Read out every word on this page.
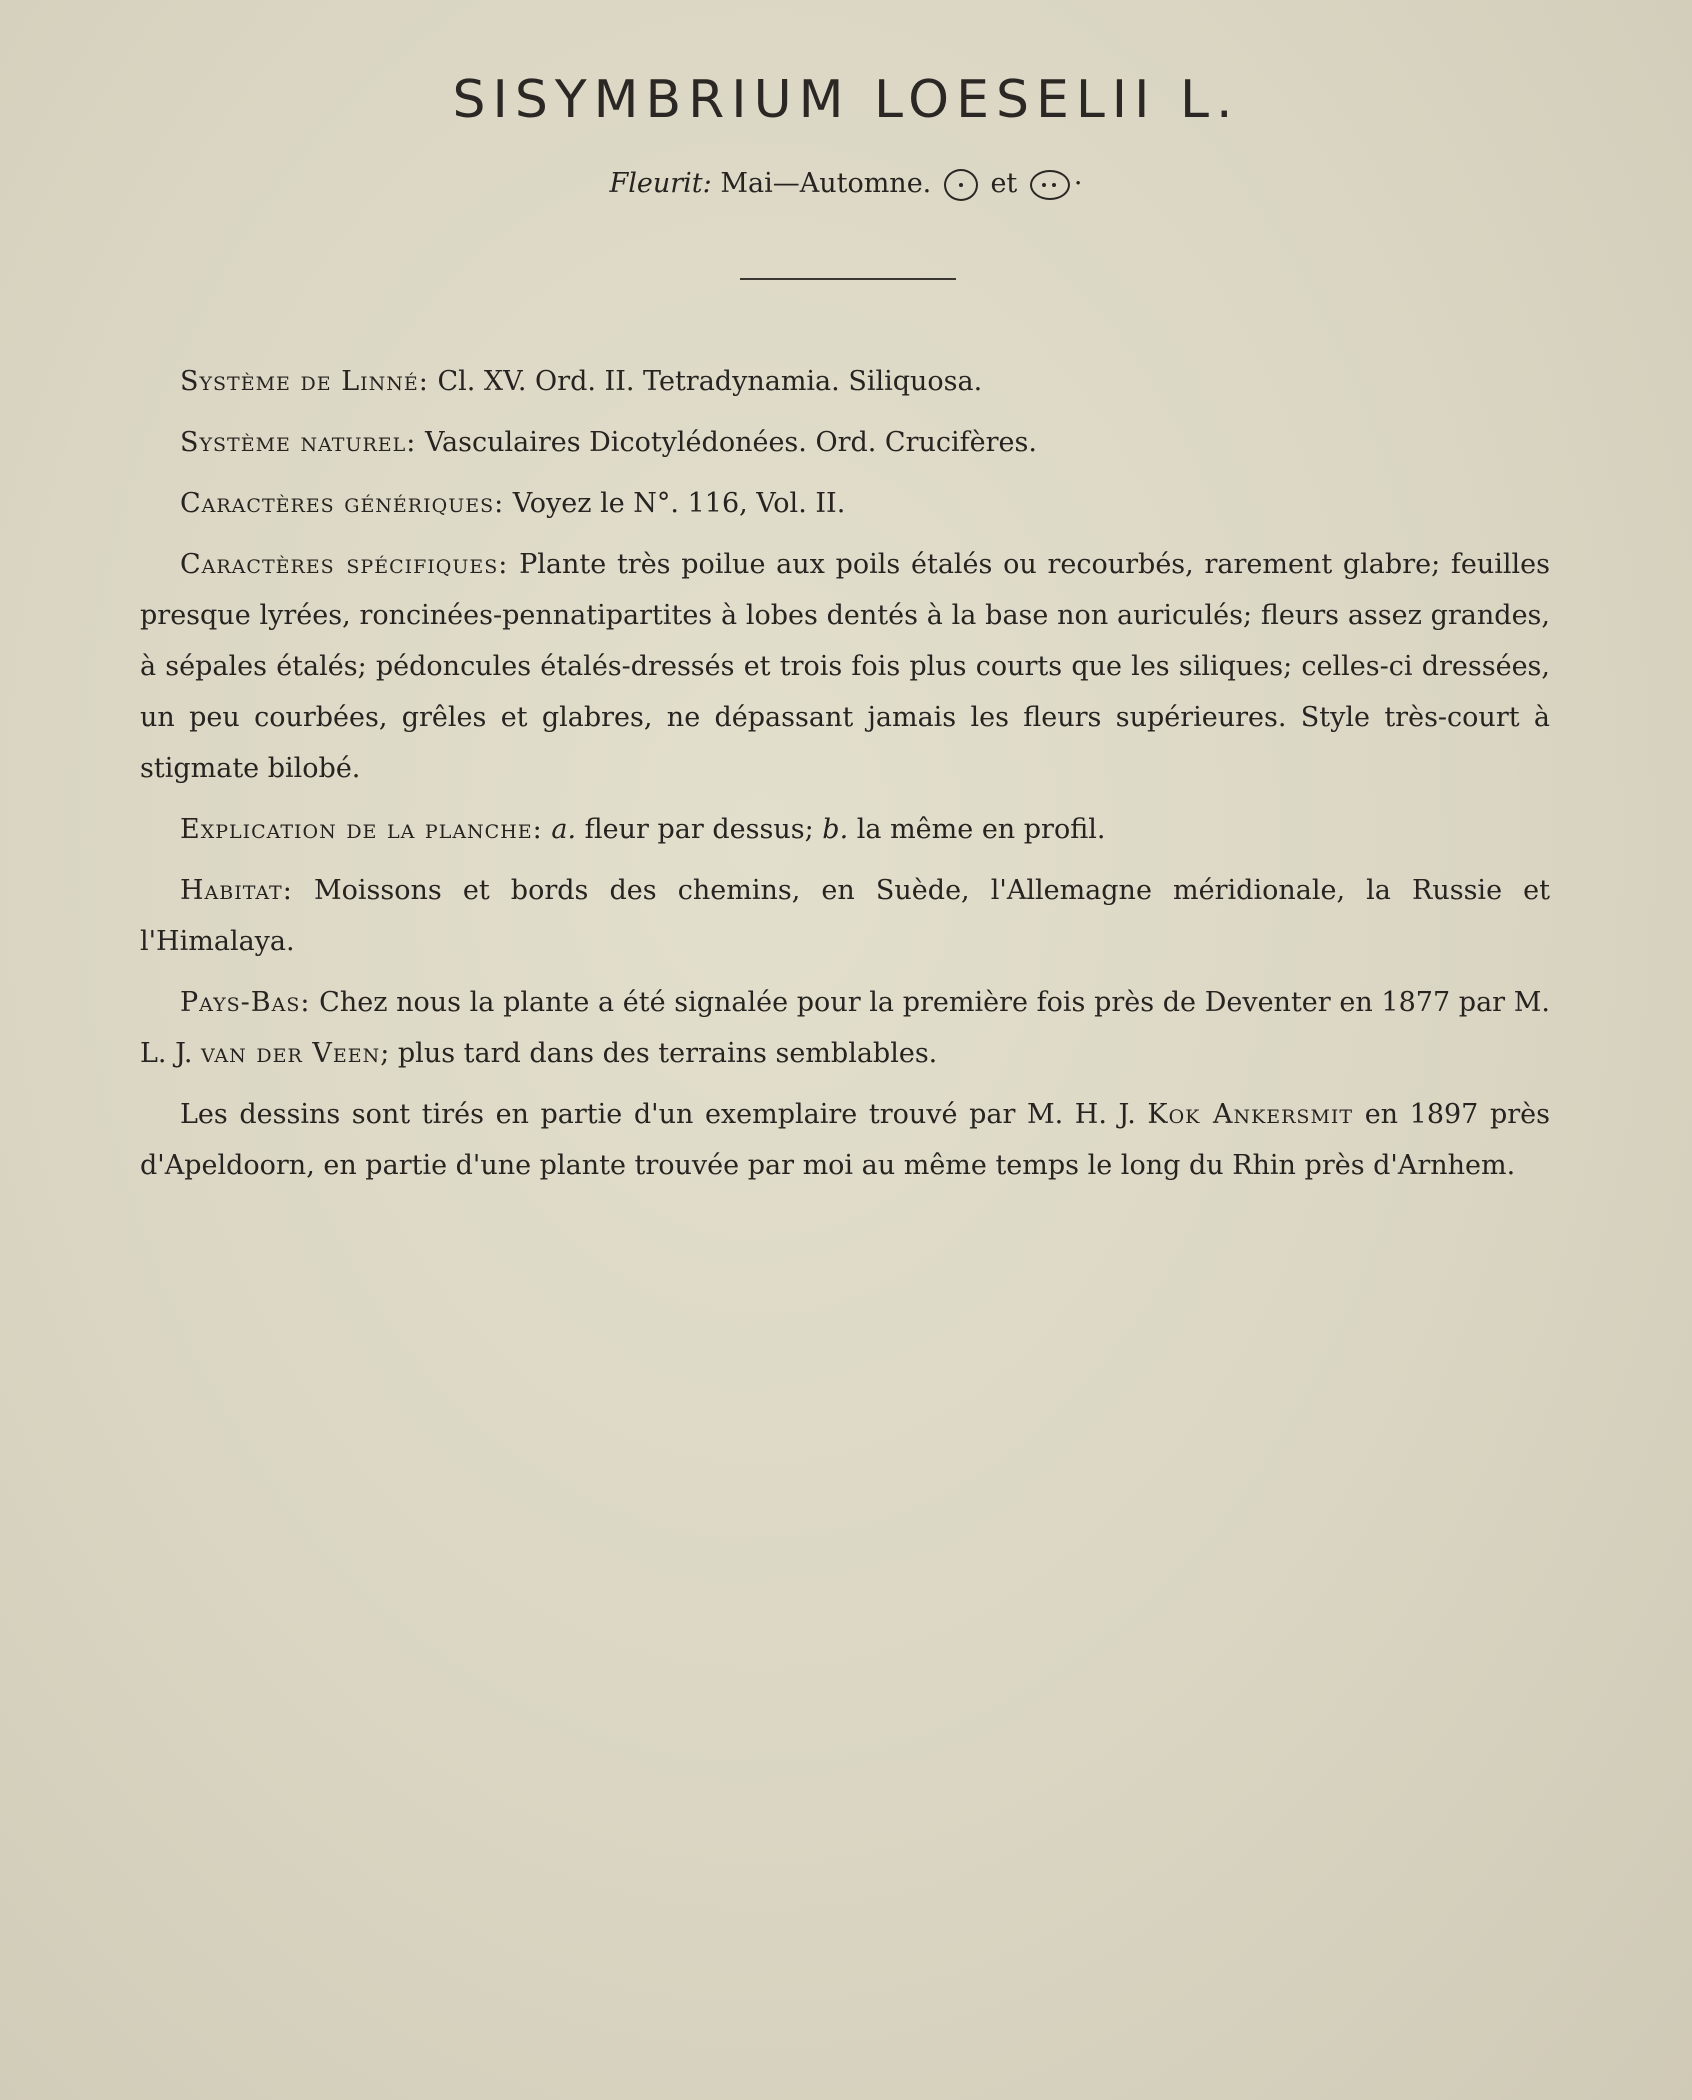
SISYMBRIUM LOESELII L.
Fleurit: Mai—Automne. et ·

Système de Linné: Cl. XV. Ord. II. Tetradynamia. Siliquosa.

Système naturel: Vasculaires Dicotylédonées. Ord. Crucifères.

Caractères génériques: Voyez le N°. 116, Vol. II.

Caractères spécifiques: Plante très poilue aux poils étalés ou recourbés, rarement glabre; feuilles presque lyrées, roncinées-pennatipartites à lobes dentés à la base non auriculés; fleurs assez grandes, à sépales étalés; pédoncules étalés-dressés et trois fois plus courts que les siliques; celles-ci dressées, un peu courbées, grêles et glabres, ne dépassant jamais les fleurs supérieures. Style très-court à stigmate bilobé.

Explication de la planche: a. fleur par dessus; b. la même en profil.

Habitat: Moissons et bords des chemins, en Suède, l'Allemagne méridionale, la Russie et l'Himalaya.

Pays-Bas: Chez nous la plante a été signalée pour la première fois près de Deventer en 1877 par M. L. J. van der Veen; plus tard dans des terrains semblables.

Les dessins sont tirés en partie d'un exemplaire trouvé par M. H. J. Kok Ankersmit en 1897 près d'Apeldoorn, en partie d'une plante trouvée par moi au même temps le long du Rhin près d'Arnhem.
